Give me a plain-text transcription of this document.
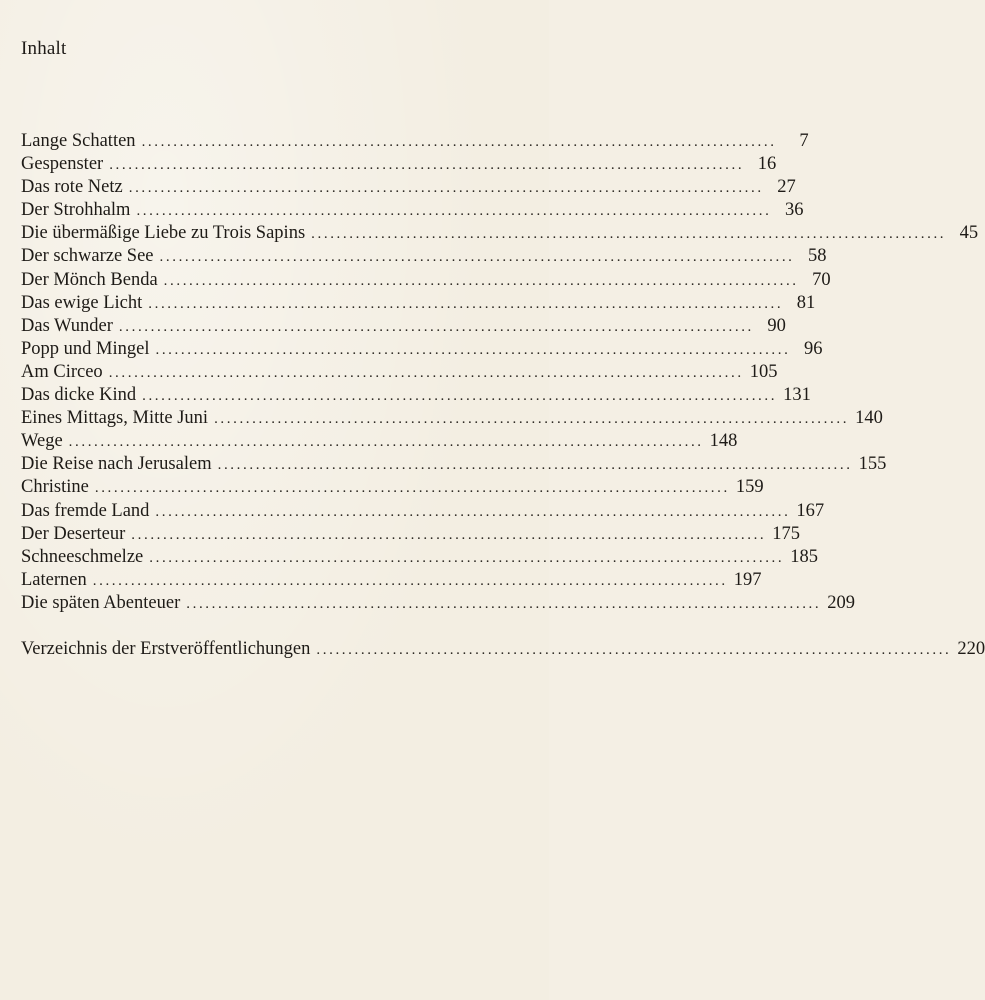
Inhalt
Lange Schatten ....................................................................................................	7
Gespenster .................................................................................................... 16
Das rote Netz .................................................................................................... 27
Der Strohhalm .................................................................................................... 36
Die übermäßige Liebe zu Trois Sapins .................................................................................................... 45
Der schwarze See .................................................................................................... 58
Der Mönch Benda .................................................................................................... 70
Das ewige Licht .................................................................................................... 81
Das Wunder .................................................................................................... 90
Popp und Mingel .................................................................................................... 96
Am Circeo .................................................................................................... 105
Das dicke Kind .................................................................................................... 131
Eines Mittags, Mitte Juni .................................................................................................... 140
Wege .................................................................................................... 148
Die Reise nach Jerusalem .................................................................................................... 155
Christine .................................................................................................... 159
Das fremde Land .................................................................................................... 167
Der Deserteur .................................................................................................... 175
Schneeschmelze .................................................................................................... 185
Laternen .................................................................................................... 197
Die späten Abenteuer .................................................................................................... 209
Verzeichnis der Erstveröffentlichungen .................................................................................................... 220
